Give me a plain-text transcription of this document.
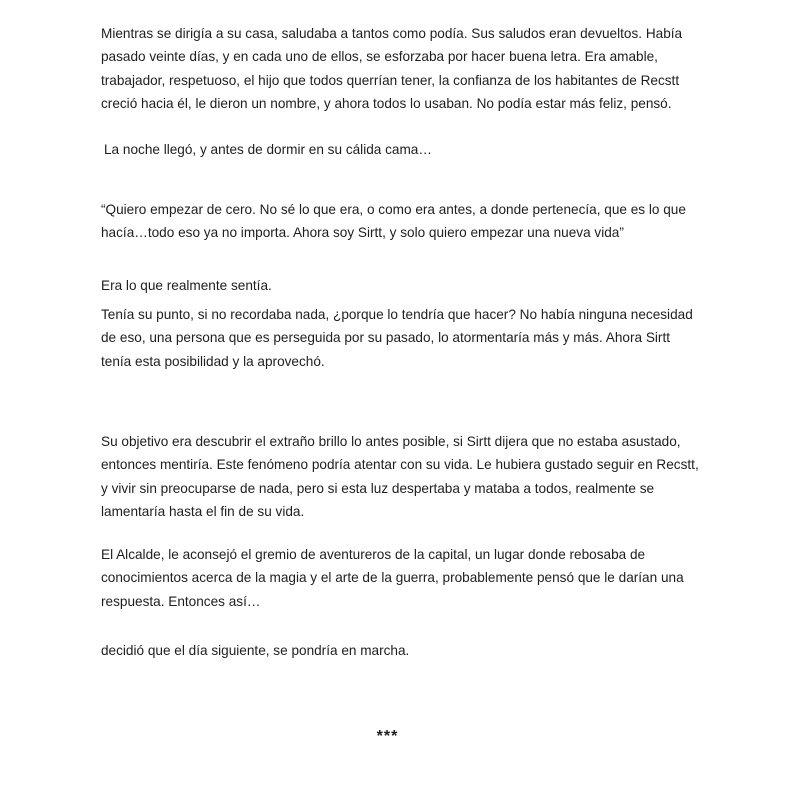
Mientras se dirigía a su casa, saludaba a tantos como podía. Sus saludos eran devueltos. Había pasado veinte días, y en cada uno de ellos, se esforzaba por hacer buena letra. Era amable, trabajador, respetuoso, el hijo que todos querrían tener, la confianza de los habitantes de Recstt creció hacia él, le dieron un nombre, y ahora todos lo usaban. No podía estar más feliz, pensó.

La noche llegó, y antes de dormir en su cálida cama…

“Quiero empezar de cero. No sé lo que era, o como era antes, a donde pertenecía, que es lo que hacía…todo eso ya no importa. Ahora soy Sirtt, y solo quiero empezar una nueva vida”

Era lo que realmente sentía.

Tenía su punto, si no recordaba nada, ¿porque lo tendría que hacer? No había ninguna necesidad de eso, una persona que es perseguida por su pasado, lo atormentaría más y más. Ahora Sirtt tenía esta posibilidad y la aprovechó.

Su objetivo era descubrir el extraño brillo lo antes posible, si Sirtt dijera que no estaba asustado, entonces mentiría. Este fenómeno podría atentar con su vida. Le hubiera gustado seguir en Recstt, y vivir sin preocuparse de nada, pero si esta luz despertaba y mataba a todos, realmente se lamentaría hasta el fin de su vida.

El Alcalde, le aconsejó el gremio de aventureros de la capital, un lugar donde rebosaba de conocimientos acerca de la magia y el arte de la guerra, probablemente pensó que le darían una respuesta. Entonces así…

decidió que el día siguiente, se pondría en marcha.

***
